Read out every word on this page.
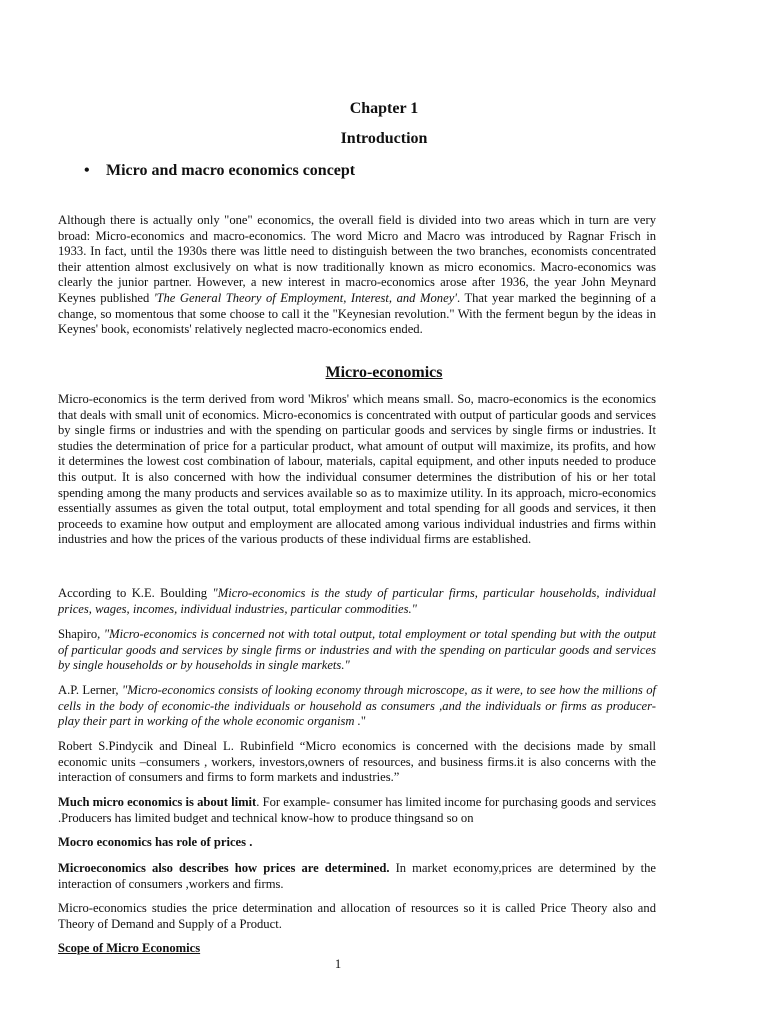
Chapter 1
Introduction
• Micro and macro economics concept

Although there is actually only "one" economics, the overall field is divided into two areas which in turn are very broad: Micro-economics and macro-economics. The word Micro and Macro was introduced by Ragnar Frisch in 1933. In fact, until the 1930s there was little need to distinguish between the two branches, economists concentrated their attention almost exclusively on what is now traditionally known as micro economics. Macro-economics was clearly the junior partner. However, a new interest in macro-economics arose after 1936, the year John Meynard Keynes published 'The General Theory of Employment, Interest, and Money'. That year marked the beginning of a change, so momentous that some choose to call it the "Keynesian revolution." With the ferment begun by the ideas in Keynes' book, economists' relatively neglected macro-economics ended.

Micro-economics

Micro-economics is the term derived from word 'Mikros' which means small. So, macro-economics is the economics that deals with small unit of economics. Micro-economics is concentrated with output of particular goods and services by single firms or industries and with the spending on particular goods and services by single firms or industries. It studies the determination of price for a particular product, what amount of output will maximize, its profits, and how it determines the lowest cost combination of labour, materials, capital equipment, and other inputs needed to produce this output. It is also concerned with how the individual consumer determines the distribution of his or her total spending among the many products and services available so as to maximize utility. In its approach, micro-economics essentially assumes as given the total output, total employment and total spending for all goods and services, it then proceeds to examine how output and employment are allocated among various individual industries and firms within industries and how the prices of the various products of these individual firms are established.

According to K.E. Boulding "Micro-economics is the study of particular firms, particular households, individual prices, wages, incomes, individual industries, particular commodities."

Shapiro, "Micro-economics is concerned not with total output, total employment or total spending but with the output of particular goods and services by single firms or industries and with the spending on particular goods and services by single households or by households in single markets."

A.P. Lerner, "Micro-economics consists of looking economy through microscope, as it were, to see how the millions of cells in the body of economic-the individuals or household as consumers ,and the individuals or firms as producer- play their part in working of the whole economic organism ."

Robert S.Pindycik and Dineal L. Rubinfield “Micro economics is concerned with the decisions made by small economic units –consumers , workers, investors,owners of resources, and business firms.it is also concerns with the interaction of consumers and firms to form markets and industries.”

Much micro economics is about limit. For example- consumer has limited income for purchasing goods and services .Producers has limited budget and technical know-how to produce thingsand so on

Mocro economics has role of prices .

Microeconomics also describes how prices are determined. In market economy,prices are determined by the interaction of consumers ,workers and firms.

Micro-economics studies the price determination and allocation of resources so it is called Price Theory also and Theory of Demand and Supply of a Product.

Scope of Micro Economics

1
